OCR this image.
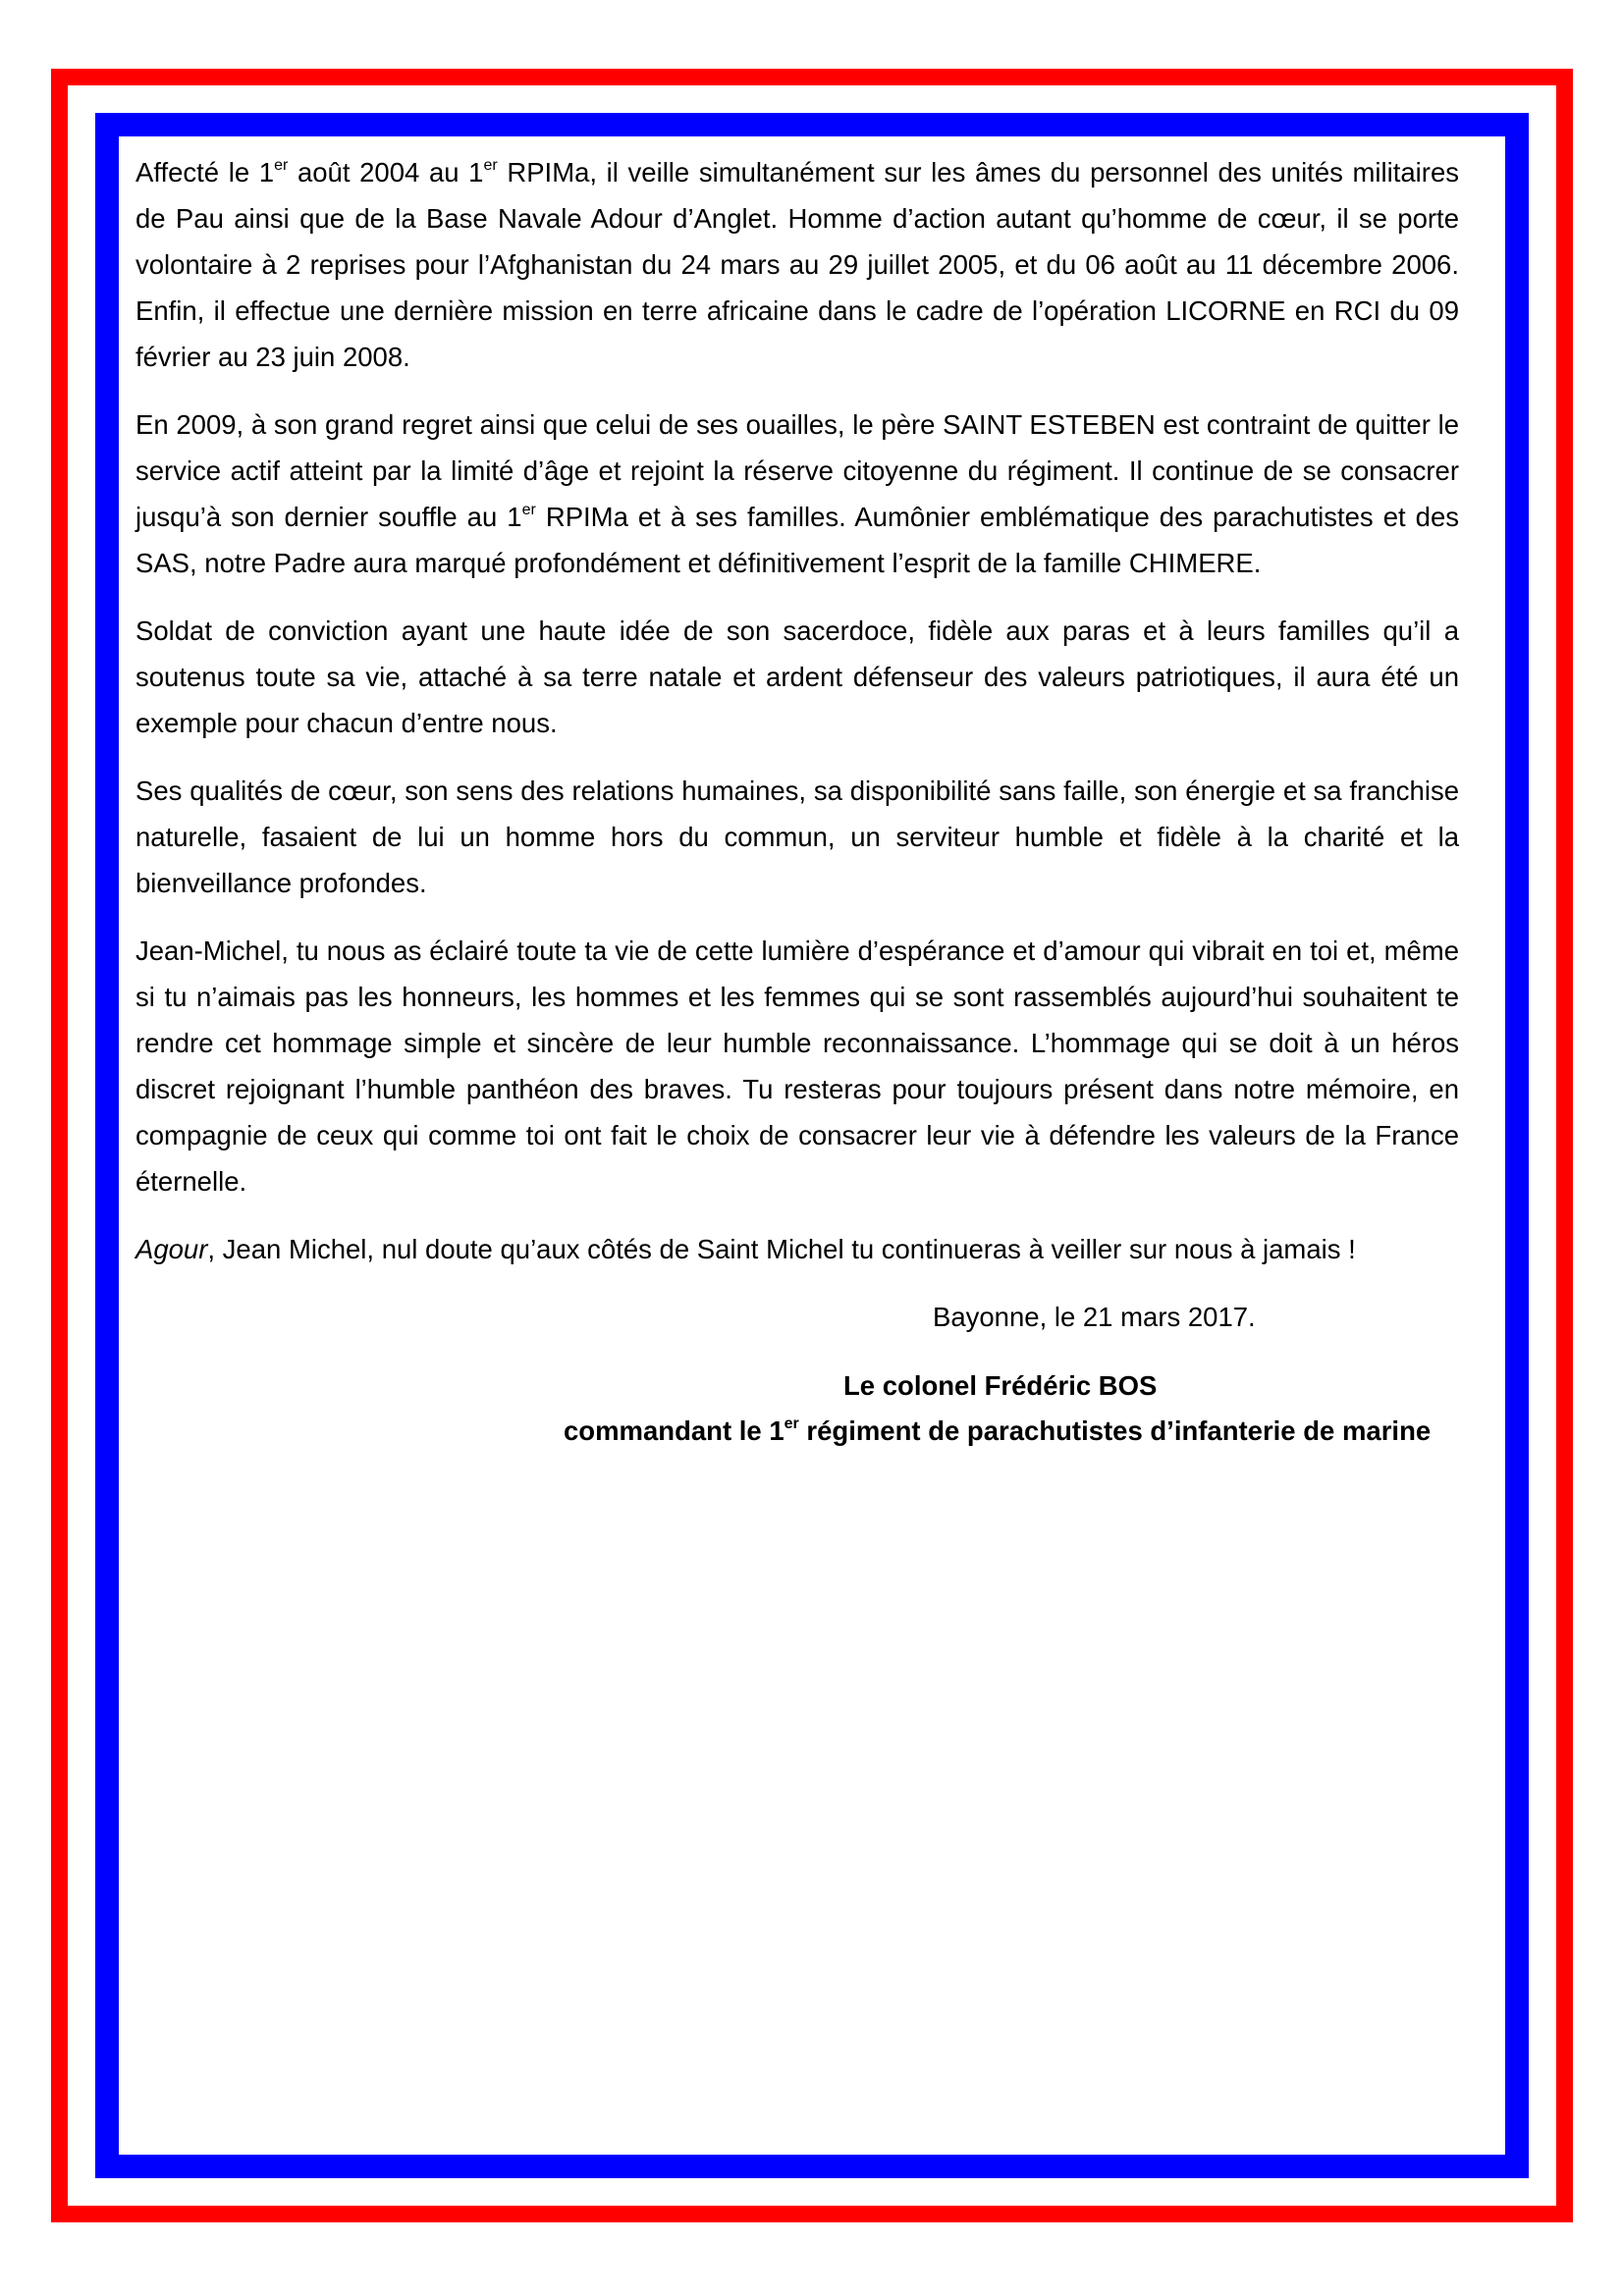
Affecté le 1er août 2004 au 1er RPIMa, il veille simultanément sur les âmes du personnel des unités militaires de Pau ainsi que de la Base Navale Adour d’Anglet. Homme d’action autant qu’homme de cœur, il se porte volontaire à 2 reprises pour l’Afghanistan du 24 mars au 29 juillet 2005, et du 06 août au 11 décembre 2006. Enfin, il effectue une dernière mission en terre africaine dans le cadre de l’opération LICORNE en RCI du 09 février au 23 juin 2008.

En 2009, à son grand regret ainsi que celui de ses ouailles, le père SAINT ESTEBEN est contraint de quitter le service actif atteint par la limité d’âge et rejoint la réserve citoyenne du régiment. Il continue de se consacrer jusqu’à son dernier souffle au 1er RPIMa et à ses familles. Aumônier emblématique des parachutistes et des SAS, notre Padre aura marqué profondément et définitivement l’esprit de la famille CHIMERE.

Soldat de conviction ayant une haute idée de son sacerdoce, fidèle aux paras et à leurs familles qu’il a soutenus toute sa vie, attaché à sa terre natale et ardent défenseur des valeurs patriotiques, il aura été un exemple pour chacun d’entre nous.

Ses qualités de cœur, son sens des relations humaines, sa disponibilité sans faille, son énergie et sa franchise naturelle, fasaient de lui un homme hors du commun, un serviteur humble et fidèle à la charité et la bienveillance profondes.

Jean-Michel, tu nous as éclairé toute ta vie de cette lumière d’espérance et d’amour qui vibrait en toi et, même si tu n’aimais pas les honneurs, les hommes et les femmes qui se sont rassemblés aujourd’hui souhaitent te rendre cet hommage simple et sincère de leur humble reconnaissance. L’hommage qui se doit à un héros discret rejoignant l’humble panthéon des braves. Tu resteras pour toujours présent dans notre mémoire, en compagnie de ceux qui comme toi ont fait le choix de consacrer leur vie à défendre les valeurs de la France éternelle.

Agour, Jean Michel, nul doute qu’aux côtés de Saint Michel tu continueras à veiller sur nous à jamais !

Bayonne, le 21 mars 2017.
Le colonel Frédéric BOS
commandant le 1er régiment de parachutistes d’infanterie de marine
